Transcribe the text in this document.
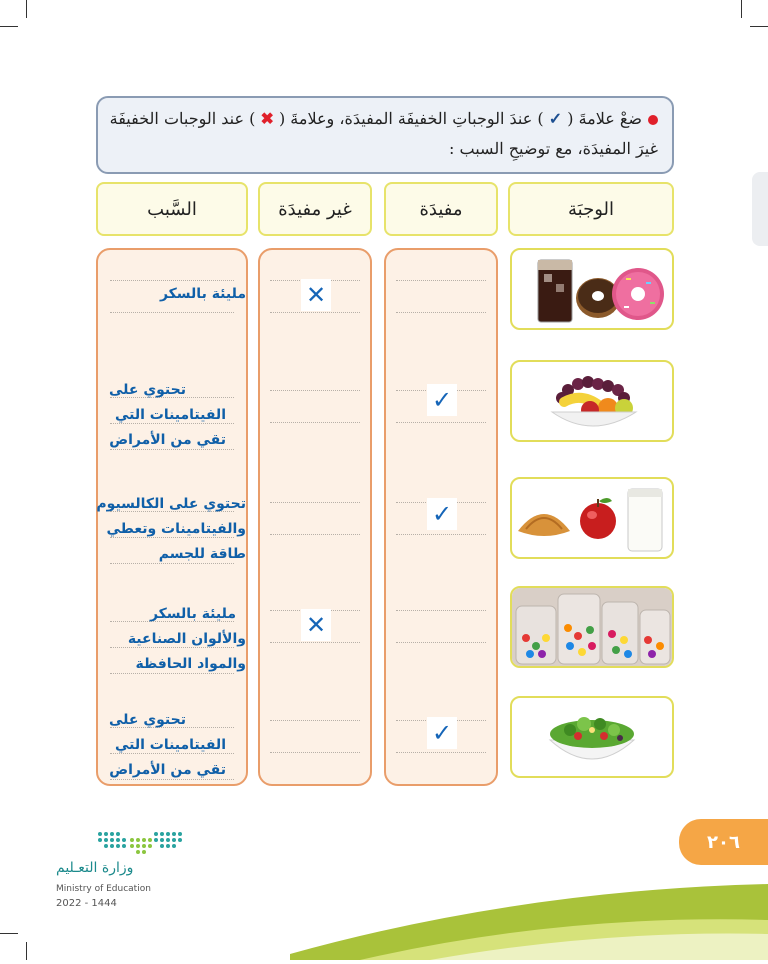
ضعْ علامةَ ( ✓ ) عندَ الوجباتِ الخفيفَة المفيدَة، وعلامةَ ( ✖ ) عند الوجبات الخفيفَة
غيرَ المفيدَة، مع توضيحِ السبب :
الوجبَة
مفيدَة
غير مفيدَة
السَّبب
✕
✓
✓
✕
✓
مليئة بالسكر
تحتوي على
الفيتامينات التي
تقي من الأمراض
تحتوي على الكالسيوم
والفيتامينات وتعطي
طاقة للجسم
مليئة بالسكر
والألوان الصناعية
والمواد الحافظة
تحتوي على
الفيتامينات التي
تقي من الأمراض
٢٠٦
وزارة التعـليم
Ministry of Education
2022 - 1444
